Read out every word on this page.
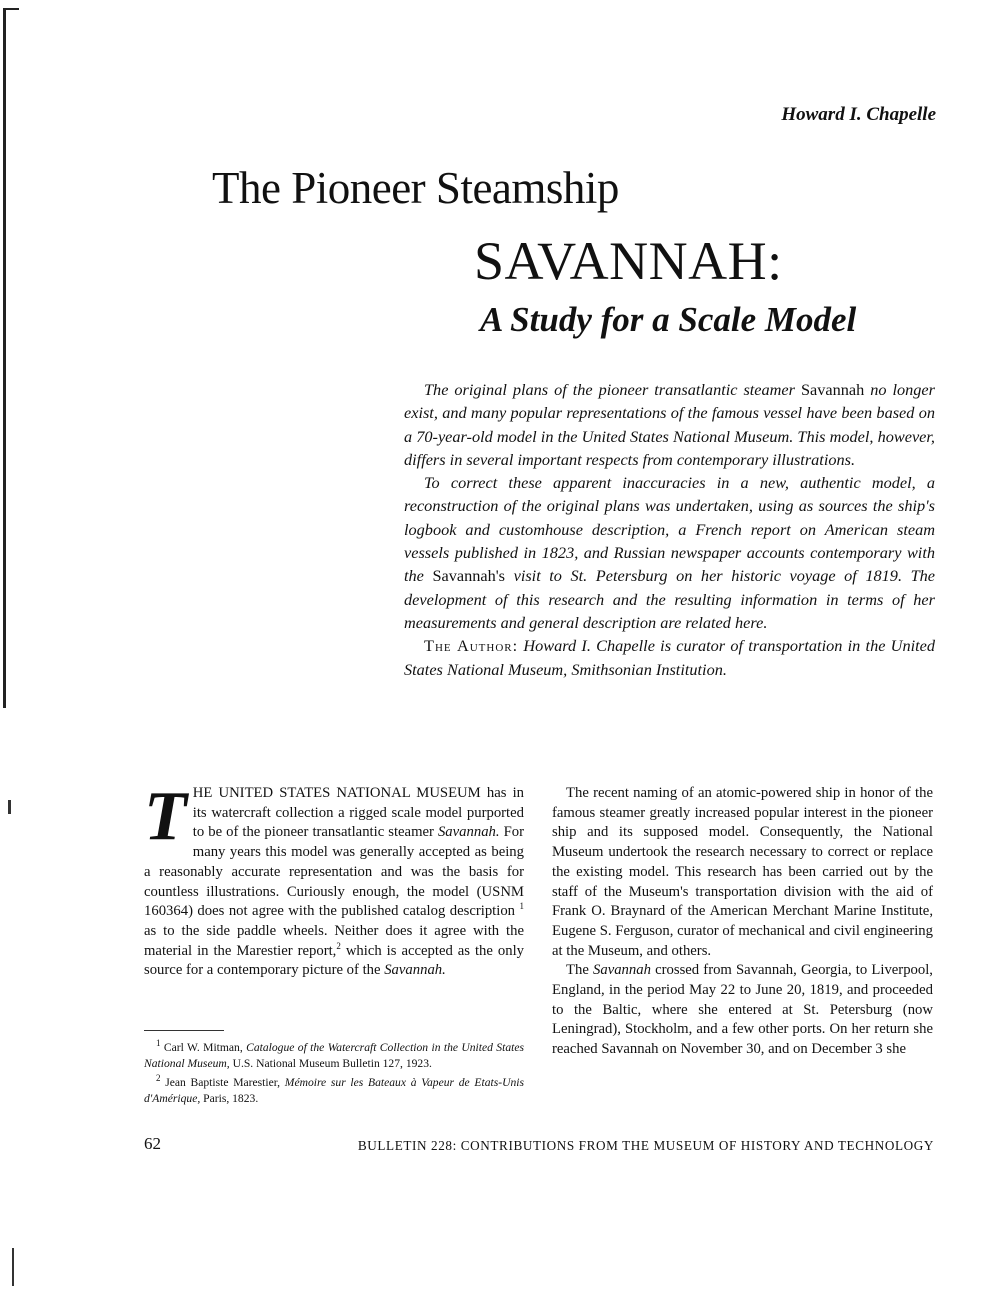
Howard I. Chapelle
The Pioneer Steamship
SAVANNAH:
A Study for a Scale Model

The original plans of the pioneer transatlantic steamer Savannah no longer exist, and many popular representations of the famous vessel have been based on a 70-year-old model in the United States National Museum. This model, however, differs in several important respects from contemporary illustrations.

To correct these apparent inaccuracies in a new, authentic model, a reconstruction of the original plans was undertaken, using as sources the ship's logbook and customhouse description, a French report on American steam vessels published in 1823, and Russian newspaper accounts contemporary with the Savannah's visit to St. Petersburg on her historic voyage of 1819. The development of this research and the resulting information in terms of her measurements and general description are related here.

The Author: Howard I. Chapelle is curator of transportation in the United States National Museum, Smithsonian Institution.

THE UNITED STATES NATIONAL MUSEUM has in its watercraft collection a rigged scale model purported to be of the pioneer transatlantic steamer Savannah. For many years this model was generally accepted as being a reasonably accurate representation and was the basis for countless illustrations. Curiously enough, the model (USNM 160364) does not agree with the published catalog description $^1$ as to the side paddle wheels. Neither does it agree with the material in the Marestier report,$^2$ which is accepted as the only source for a contemporary picture of the Savannah.

$^1$ Carl W. Mitman, Catalogue of the Watercraft Collection in the United States National Museum, U.S. National Museum Bulletin 127, 1923.

$^2$ Jean Baptiste Marestier, Mémoire sur les Bateaux à Vapeur de Etats-Unis d'Amérique, Paris, 1823.

The recent naming of an atomic-powered ship in honor of the famous steamer greatly increased popular interest in the pioneer ship and its supposed model. Consequently, the National Museum undertook the research necessary to correct or replace the existing model. This research has been carried out by the staff of the Museum's transportation division with the aid of Frank O. Braynard of the American Merchant Marine Institute, Eugene S. Ferguson, curator of mechanical and civil engineering at the Museum, and others.

The Savannah crossed from Savannah, Georgia, to Liverpool, England, in the period May 22 to June 20, 1819, and proceeded to the Baltic, where she entered at St. Petersburg (now Leningrad), Stockholm, and a few other ports. On her return she reached Savannah on November 30, and on December 3 she

62	BULLETIN 228: CONTRIBUTIONS FROM THE MUSEUM OF HISTORY AND TECHNOLOGY
